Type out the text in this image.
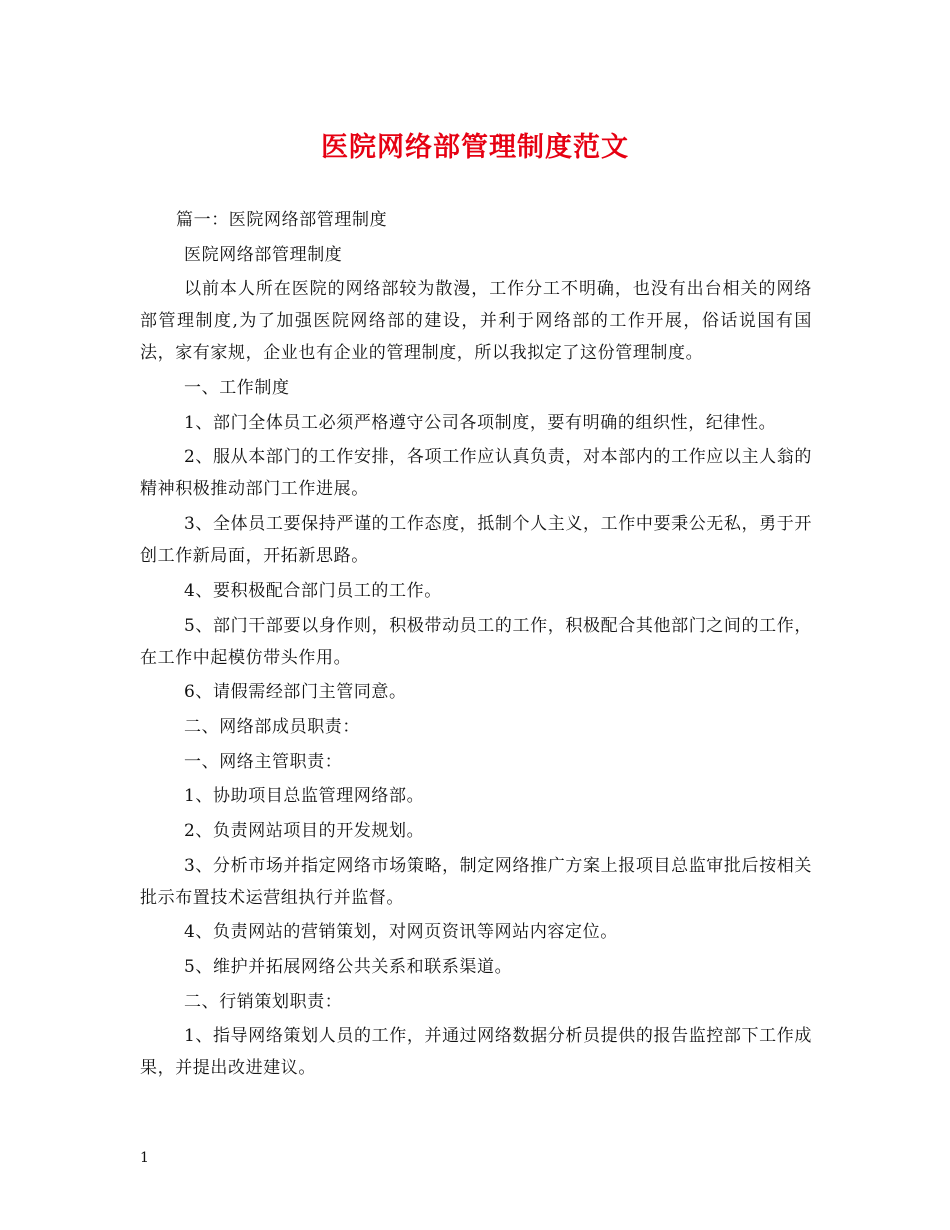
医院网络部管理制度范文

篇一：医院网络部管理制度

医院网络部管理制度

以前本人所在医院的网络部较为散漫，工作分工不明确，也没有出台相关的网络部管理制度,为了加强医院网络部的建设，并利于网络部的工作开展，俗话说国有国法，家有家规，企业也有企业的管理制度，所以我拟定了这份管理制度。

一、工作制度

1、部门全体员工必须严格遵守公司各项制度，要有明确的组织性，纪律性。

2、服从本部门的工作安排，各项工作应认真负责，对本部内的工作应以主人翁的精神积极推动部门工作进展。

3、全体员工要保持严谨的工作态度，抵制个人主义，工作中要秉公无私，勇于开创工作新局面，开拓新思路。

4、要积极配合部门员工的工作。

5、部门干部要以身作则，积极带动员工的工作，积极配合其他部门之间的工作，在工作中起模仿带头作用。

6、请假需经部门主管同意。

二、网络部成员职责：

一、网络主管职责：

1、协助项目总监管理网络部。

2、负责网站项目的开发规划。

3、分析市场并指定网络市场策略，制定网络推广方案上报项目总监审批后按相关批示布置技术运营组执行并监督。

4、负责网站的营销策划，对网页资讯等网站内容定位。

5、维护并拓展网络公共关系和联系渠道。

二、行销策划职责：

1、指导网络策划人员的工作，并通过网络数据分析员提供的报告监控部下工作成果，并提出改进建议。

1
